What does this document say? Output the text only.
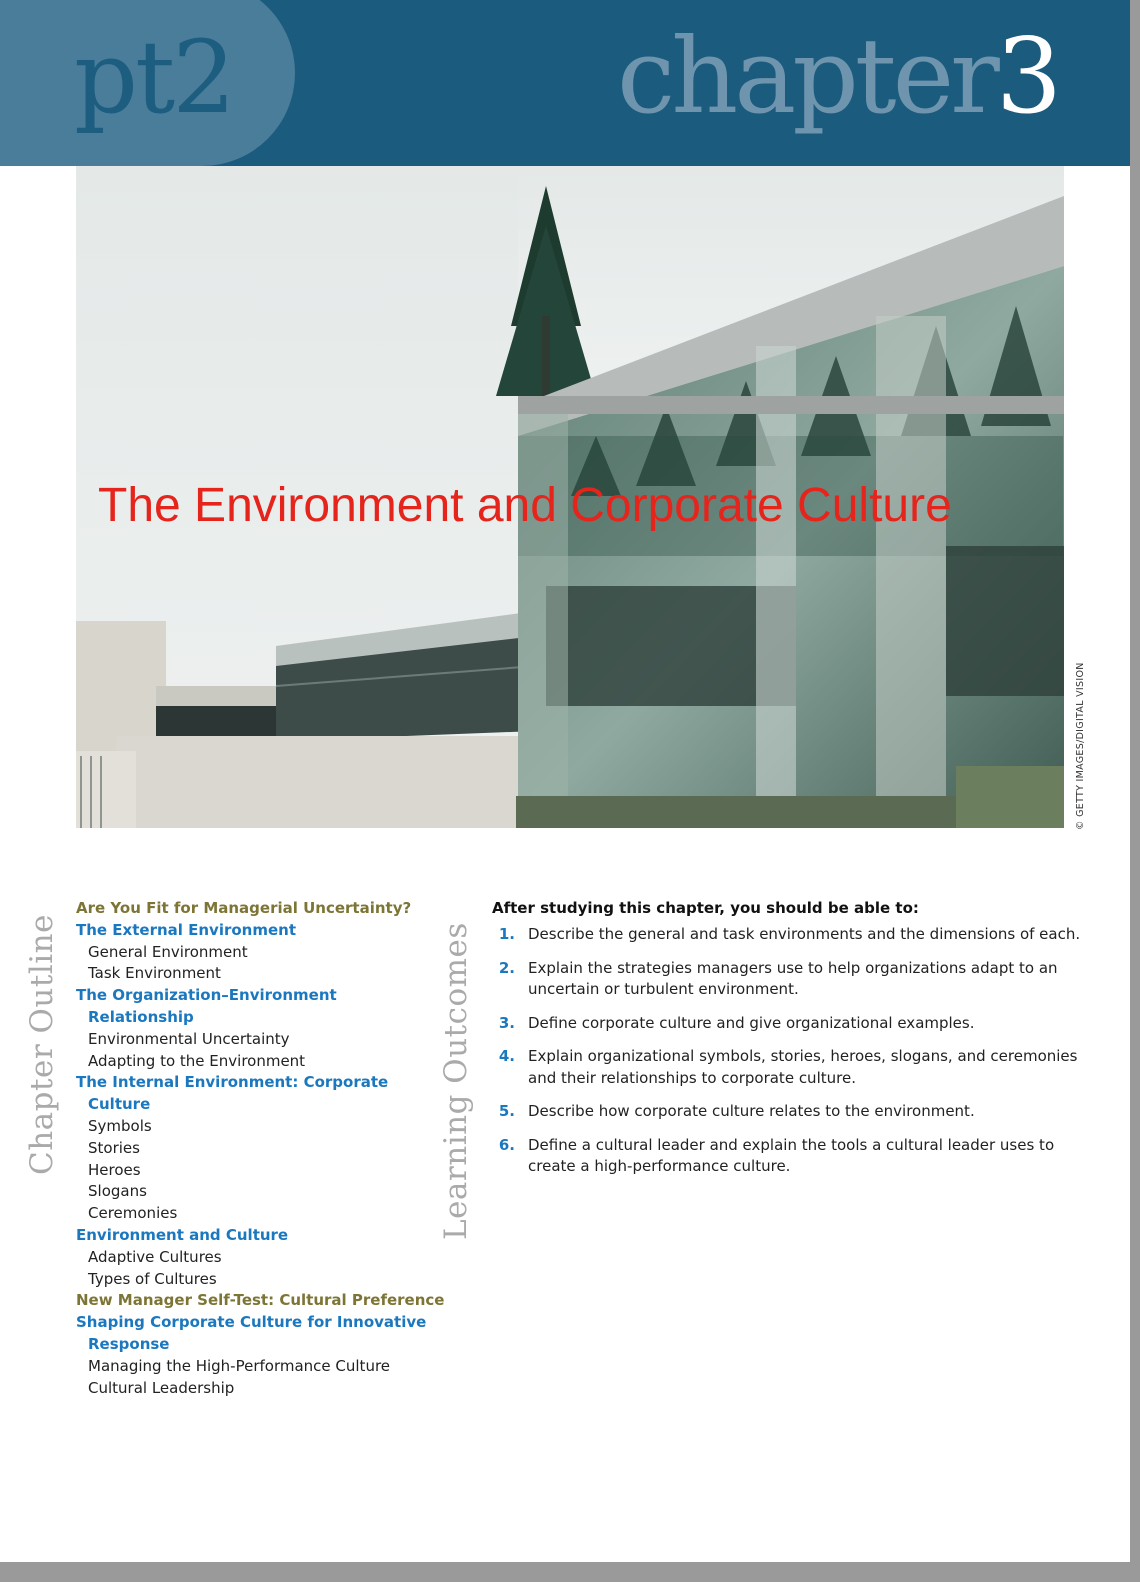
pt2	chapter3
The Environment and Corporate Culture
© GETTY IMAGES/DIGITAL VISION
Chapter Outline
Are You Fit for Managerial Uncertainty?
The External Environment
General Environment
Task Environment
The Organization–Environment
Relationship
Environmental Uncertainty
Adapting to the Environment
The Internal Environment: Corporate
Culture
Symbols
Stories
Heroes
Slogans
Ceremonies
Environment and Culture
Adaptive Cultures
Types of Cultures
New Manager Self-Test: Cultural Preference
Shaping Corporate Culture for Innovative
Response
Managing the High-Performance Culture
Cultural Leadership
Learning Outcomes
After studying this chapter, you should be able to:
1. Describe the general and task environments and the dimensions of each.
2. Explain the strategies managers use to help organizations adapt to an uncertain or turbulent environment.
3. Define corporate culture and give organizational examples.
4. Explain organizational symbols, stories, heroes, slogans, and ceremonies and their relationships to corporate culture.
5. Describe how corporate culture relates to the environment.
6. Define a cultural leader and explain the tools a cultural leader uses to create a high-performance culture.
